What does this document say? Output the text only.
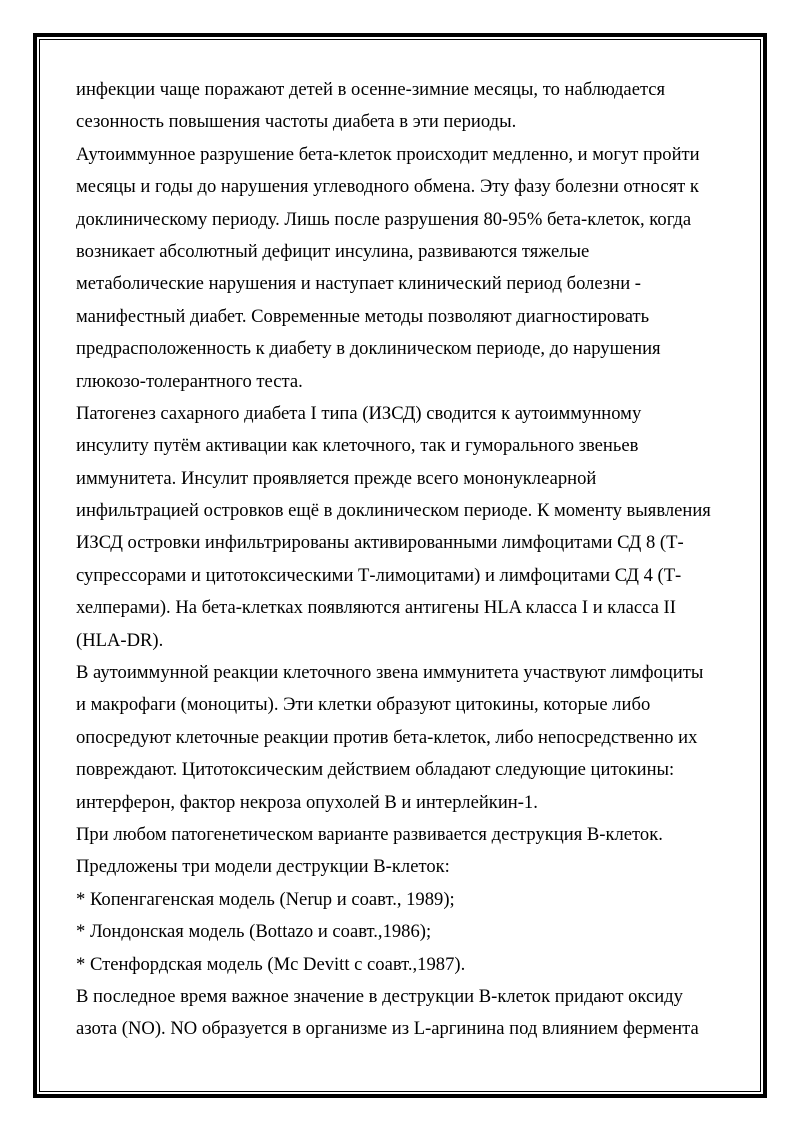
инфекции чаще поражают детей в осенне-зимние месяцы, то наблюдается
сезонность повышения частоты диабета в эти периоды.
Аутоиммунное разрушение бета-клеток происходит медленно, и могут пройти
месяцы и годы до нарушения углеводного обмена. Эту фазу болезни относят к
доклиническому периоду. Лишь после разрушения 80-95% бета-клеток, когда
возникает абсолютный дефицит инсулина, развиваются тяжелые
метаболические нарушения и наступает клинический период болезни -
манифестный диабет. Современные методы позволяют диагностировать
предрасположенность к диабету в доклиническом периоде, до нарушения
глюкозо-толерантного теста.
Патогенез сахарного диабета I типа (ИЗСД) сводится к аутоиммунному
инсулиту путём активации как клеточного, так и гуморального звеньев
иммунитета. Инсулит проявляется прежде всего мононуклеарной
инфильтрацией островков ещё в доклиническом периоде. К моменту выявления
ИЗСД островки инфильтрированы активированными лимфоцитами СД 8 (Т-
супрессорами и цитотоксическими Т-лимоцитами) и лимфоцитами СД 4 (Т-
хелперами). На бета-клетках появляются антигены HLA класса I и класса II
(HLA-DR).
В аутоиммунной реакции клеточного звена иммунитета участвуют лимфоциты
и макрофаги (моноциты). Эти клетки образуют цитокины, которые либо
опосредуют клеточные реакции против бета-клеток, либо непосредственно их
повреждают. Цитотоксическим действием обладают следующие цитокины:
интерферон, фактор некроза опухолей В и интерлейкин-1.
При любом патогенетическом варианте развивается деструкция В-клеток.
Предложены три модели деструкции В-клеток:
* Копенгагенская модель (Nerup и соавт., 1989);
* Лондонская модель (Bottazo и соавт.,1986);
* Стенфордская модель (Mc Devitt с соавт.,1987).
В последное время важное значение в деструкции В-клеток придают оксиду
азота (NO). NO образуется в организме из L-аргинина под влиянием фермента
